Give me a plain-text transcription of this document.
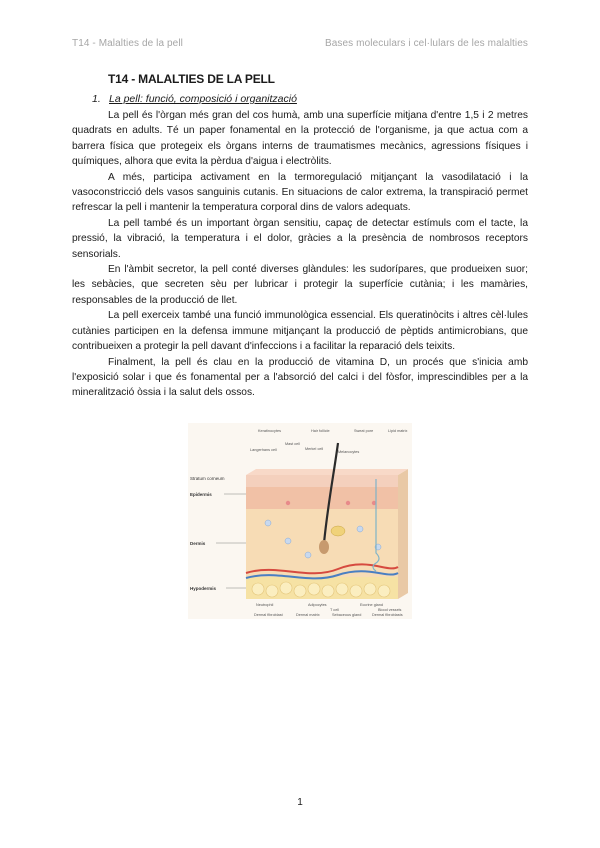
T14 - Malalties de la pell	Bases moleculars i cel·lulars de les malalties
T14 - MALALTIES DE LA PELL
1. La pell: funció, composició i organització

La pell és l'òrgan més gran del cos humà, amb una superfície mitjana d'entre 1,5 i 2 metres quadrats en adults. Té un paper fonamental en la protecció de l'organisme, ja que actua com a barrera física que protegeix els òrgans interns de traumatismes mecànics, agressions físiques i químiques, alhora que evita la pèrdua d'aigua i electròlits.

A més, participa activament en la termoregulació mitjançant la vasodilatació i la vasoconstricció dels vasos sanguinis cutanis. En situacions de calor extrema, la transpiració permet refrescar la pell i mantenir la temperatura corporal dins de valors adequats.

La pell també és un important òrgan sensitiu, capaç de detectar estímuls com el tacte, la pressió, la vibració, la temperatura i el dolor, gràcies a la presència de nombrosos receptors sensorials.

En l'àmbit secretor, la pell conté diverses glàndules: les sudorípares, que produeixen suor; les sebàcies, que secreten sèu per lubricar i protegir la superfície cutània; i les mamàries, responsables de la producció de llet.

La pell exerceix també una funció immunològica essencial. Els queratinòcits i altres cèl·lules cutànies participen en la defensa immune mitjançant la producció de pèptids antimicrobians, que contribueixen a protegir la pell davant d'infeccions i a facilitar la reparació dels teixits.

Finalment, la pell és clau en la producció de vitamina D, un procés que s'inicia amb l'exposició solar i que és fonamental per a l'absorció del calci i del fòsfor, imprescindibles per a la mineralització òssia i la salut dels ossos.

Stratum corneum
Epidermis
Dermis
Hypodermis
Keratinocytes	Hair follicle	Sweat pore	Lipid matrix
Langerhans cell
Mast cell
Merkel cell
Melanocytes
Neutrophil	Adipocytes
T cell
Sebaceous gland
Eccrine gland
Dermal fibroblast	Dermal matrix
Blood vessels
Dermal fibroblasts
1
